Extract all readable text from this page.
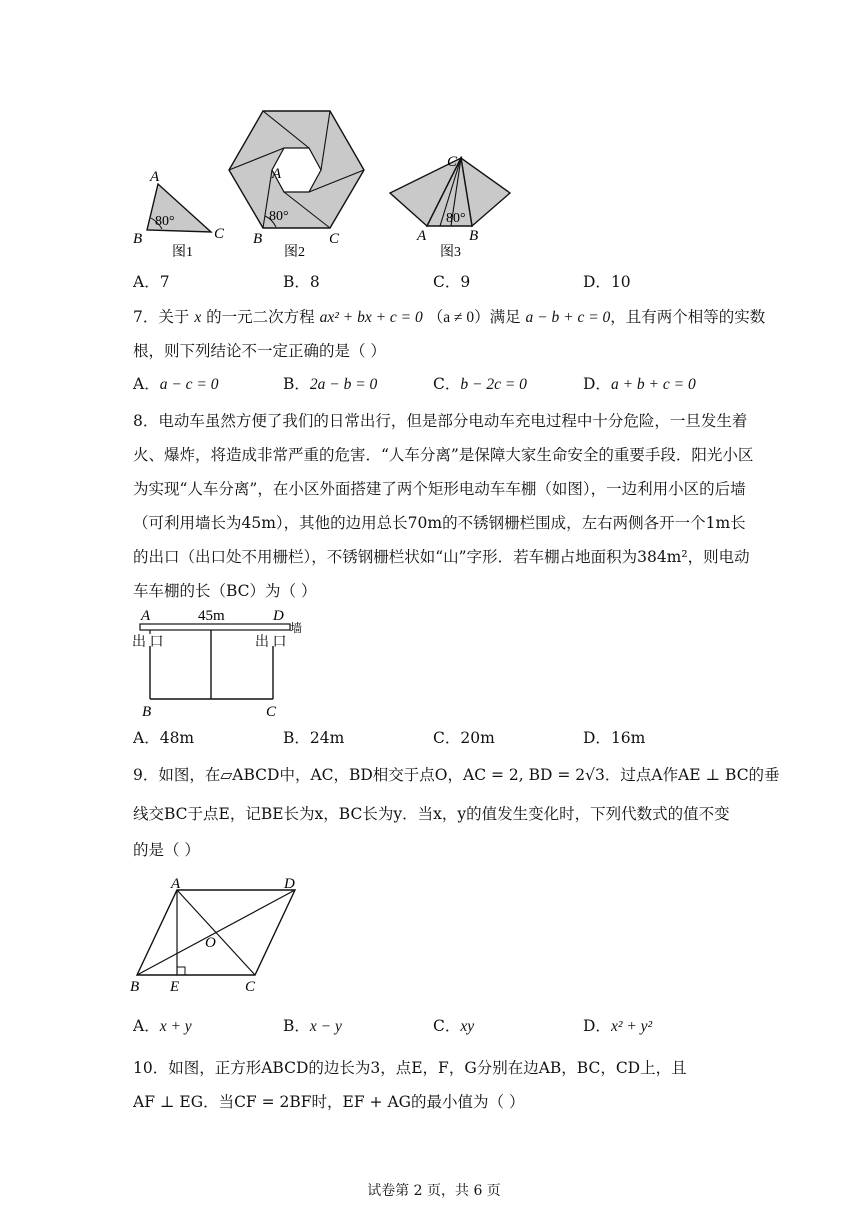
A
B	C
80°
图1
A
B	C
80°
图2
C
A	B
80°
图3
A．7	B．8	C．9	D．10
7．关于 x 的一元二次方程 ax² + bx + c = 0 （a ≠ 0）满足 a − b + c = 0，且有两个相等的实数
根，则下列结论不一定正确的是（ ）
A．a − c = 0	B．2a − b = 0	C．b − 2c = 0	D．a + b + c = 0
8．电动车虽然方便了我们的日常出行，但是部分电动车充电过程中十分危险，一旦发生着
火、爆炸，将造成非常严重的危害．“人车分离”是保障大家生命安全的重要手段．阳光小区
为实现“人车分离”，在小区外面搭建了两个矩形电动车车棚（如图），一边利用小区的后墙
（可利用墙长为45m），其他的边用总长70m的不锈钢栅栏围成，左右两侧各开一个1m长
的出口（出口处不用栅栏），不锈钢栅栏状如“山”字形．若车棚占地面积为384m²，则电动
车车棚的长（BC）为（ ）
A	D
墙
45m
出 口	出 口
B	C
A．48m	B．24m	C．20m	D．16m
9．如图，在▱ABCD中，AC，BD相交于点O，AC = 2, BD = 2√3．过点A作AE ⊥ BC的垂
线交BC于点E，记BE长为x，BC长为y．当x，y的值发生变化时，下列代数式的值不变
的是（ ）
A	D
B E	C
O
A．x + y	B．x − y	C．xy	D．x² + y²
10．如图，正方形ABCD的边长为3，点E，F，G分别在边AB，BC，CD上，且
AF ⊥ EG．当CF = 2BF时，EF + AG的最小值为（ ）
试卷第 2 页，共 6 页
